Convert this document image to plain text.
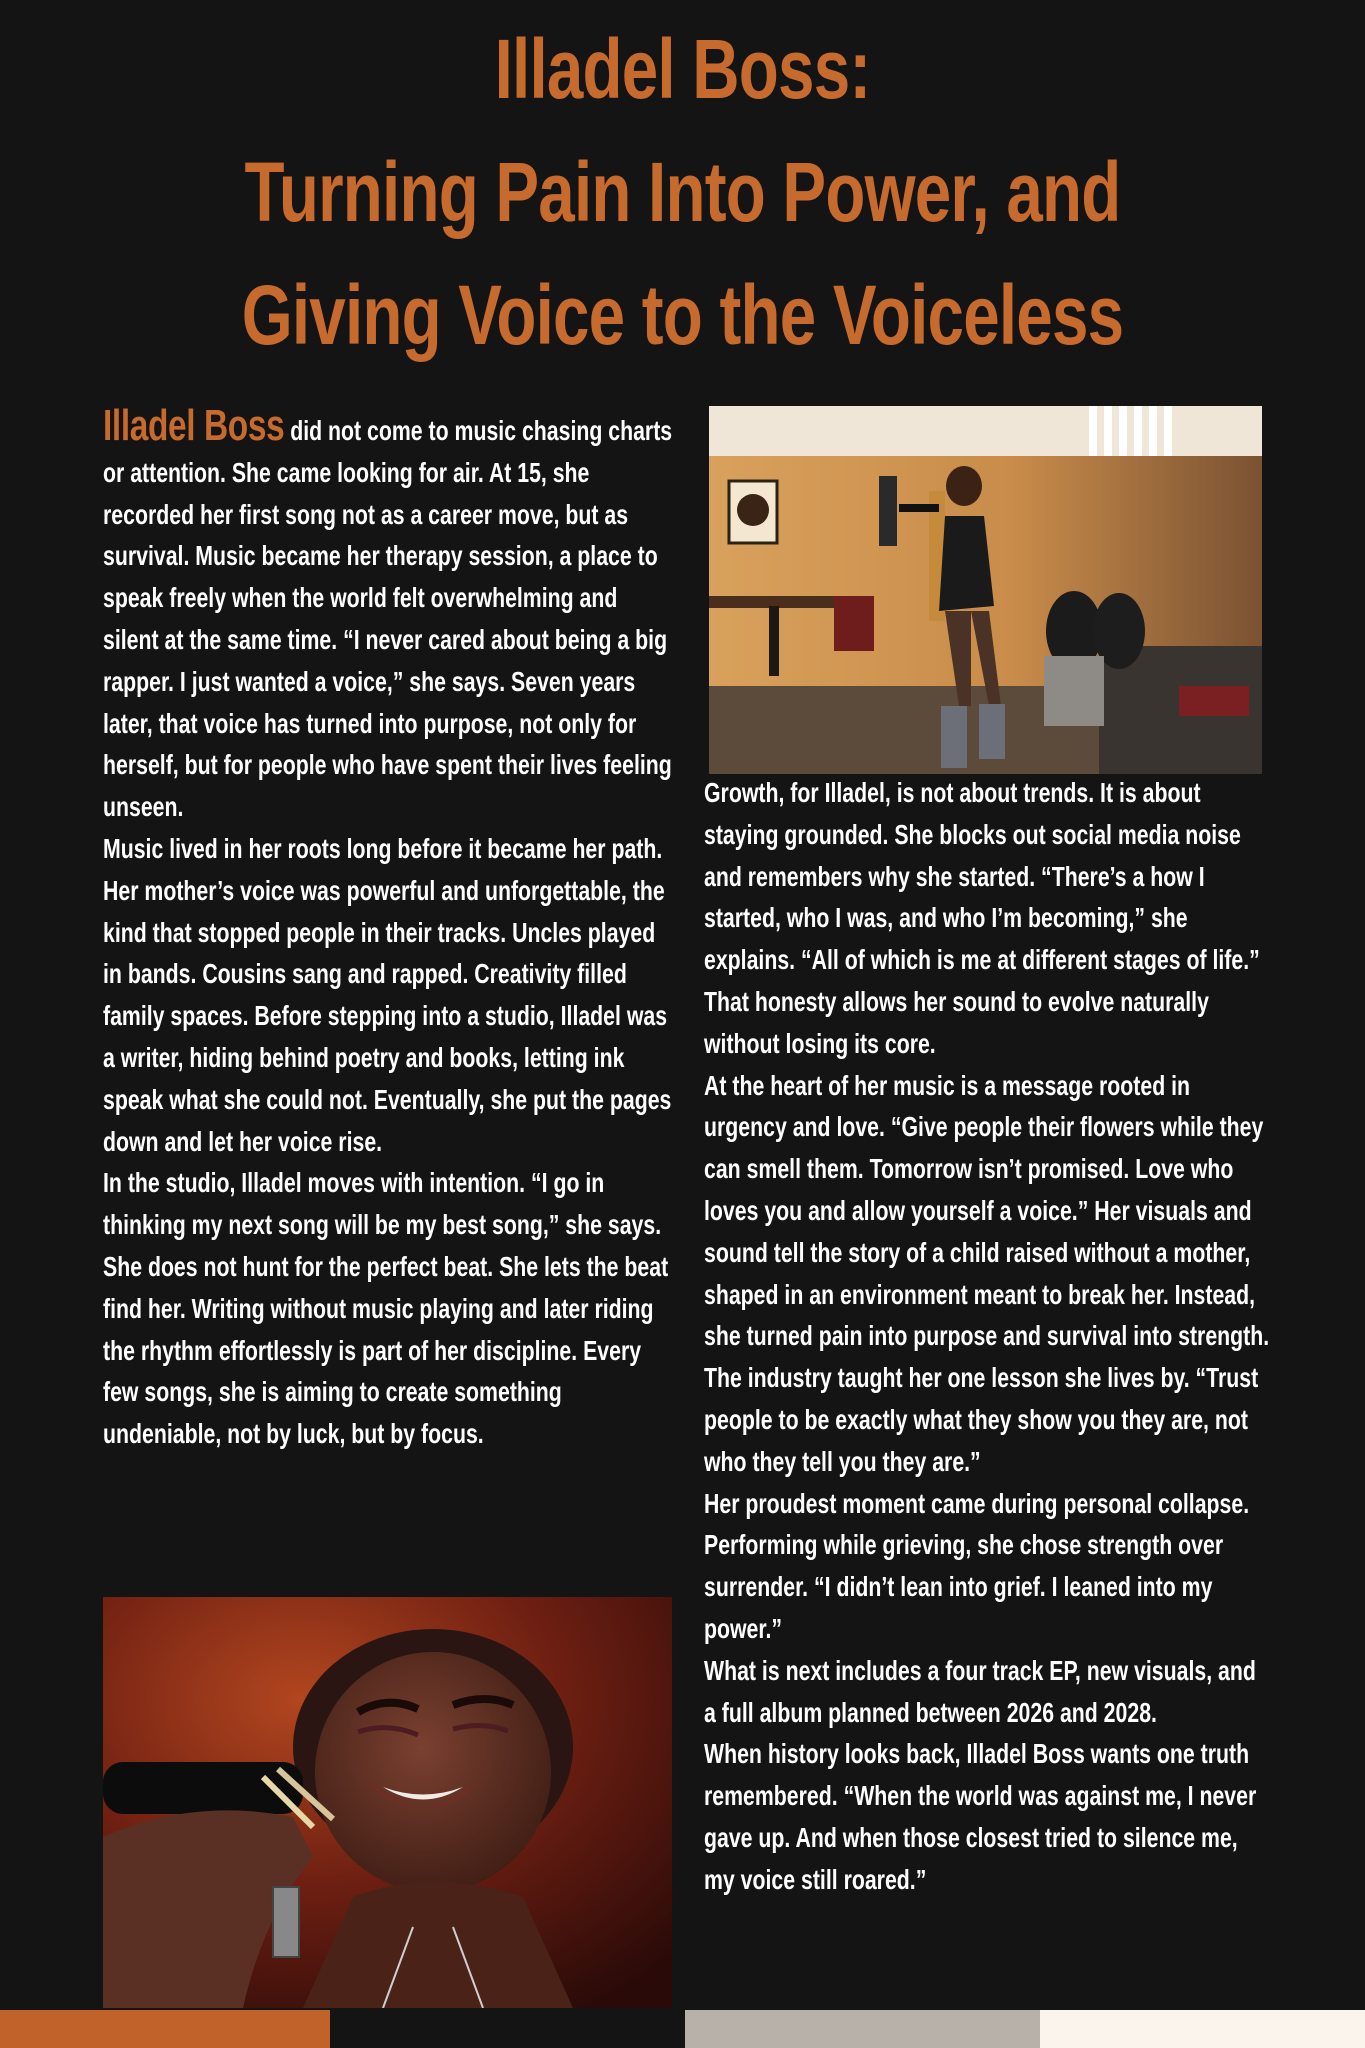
Illadel Boss:
Turning Pain Into Power, and
Giving Voice to the Voiceless

Illadel Boss did not come to music chasing charts or attention. She came looking for air. At 15, she recorded her first song not as a career move, but as survival. Music became her therapy session, a place to speak freely when the world felt overwhelming and silent at the same time. “I never cared about being a big rapper. I just wanted a voice,” she says. Seven years later, that voice has turned into purpose, not only for herself, but for people who have spent their lives feeling unseen.

Music lived in her roots long before it became her path. Her mother’s voice was powerful and unforgettable, the kind that stopped people in their tracks. Uncles played in bands. Cousins sang and rapped. Creativity filled family spaces. Before stepping into a studio, Illadel was a writer, hiding behind poetry and books, letting ink speak what she could not. Eventually, she put the pages down and let her voice rise.

In the studio, Illadel moves with intention. “I go in thinking my next song will be my best song,” she says. She does not hunt for the perfect beat. She lets the beat find her. Writing without music playing and later riding the rhythm effortlessly is part of her discipline. Every few songs, she is aiming to create something undeniable, not by luck, but by focus.

Growth, for Illadel, is not about trends. It is about staying grounded. She blocks out social media noise and remembers why she started. “There’s a how I started, who I was, and who I’m becoming,” she explains. “All of which is me at different stages of life.” That honesty allows her sound to evolve naturally without losing its core.

At the heart of her music is a message rooted in urgency and love. “Give people their flowers while they can smell them. Tomorrow isn’t promised. Love who loves you and allow yourself a voice.” Her visuals and sound tell the story of a child raised without a mother, shaped in an environment meant to break her. Instead, she turned pain into purpose and survival into strength.

The industry taught her one lesson she lives by. “Trust people to be exactly what they show you they are, not who they tell you they are.”

Her proudest moment came during personal collapse. Performing while grieving, she chose strength over surrender. “I didn’t lean into grief. I leaned into my power.”

What is next includes a four track EP, new visuals, and a full album planned between 2026 and 2028.

When history looks back, Illadel Boss wants one truth remembered. “When the world was against me, I never gave up. And when those closest tried to silence me, my voice still roared.”
